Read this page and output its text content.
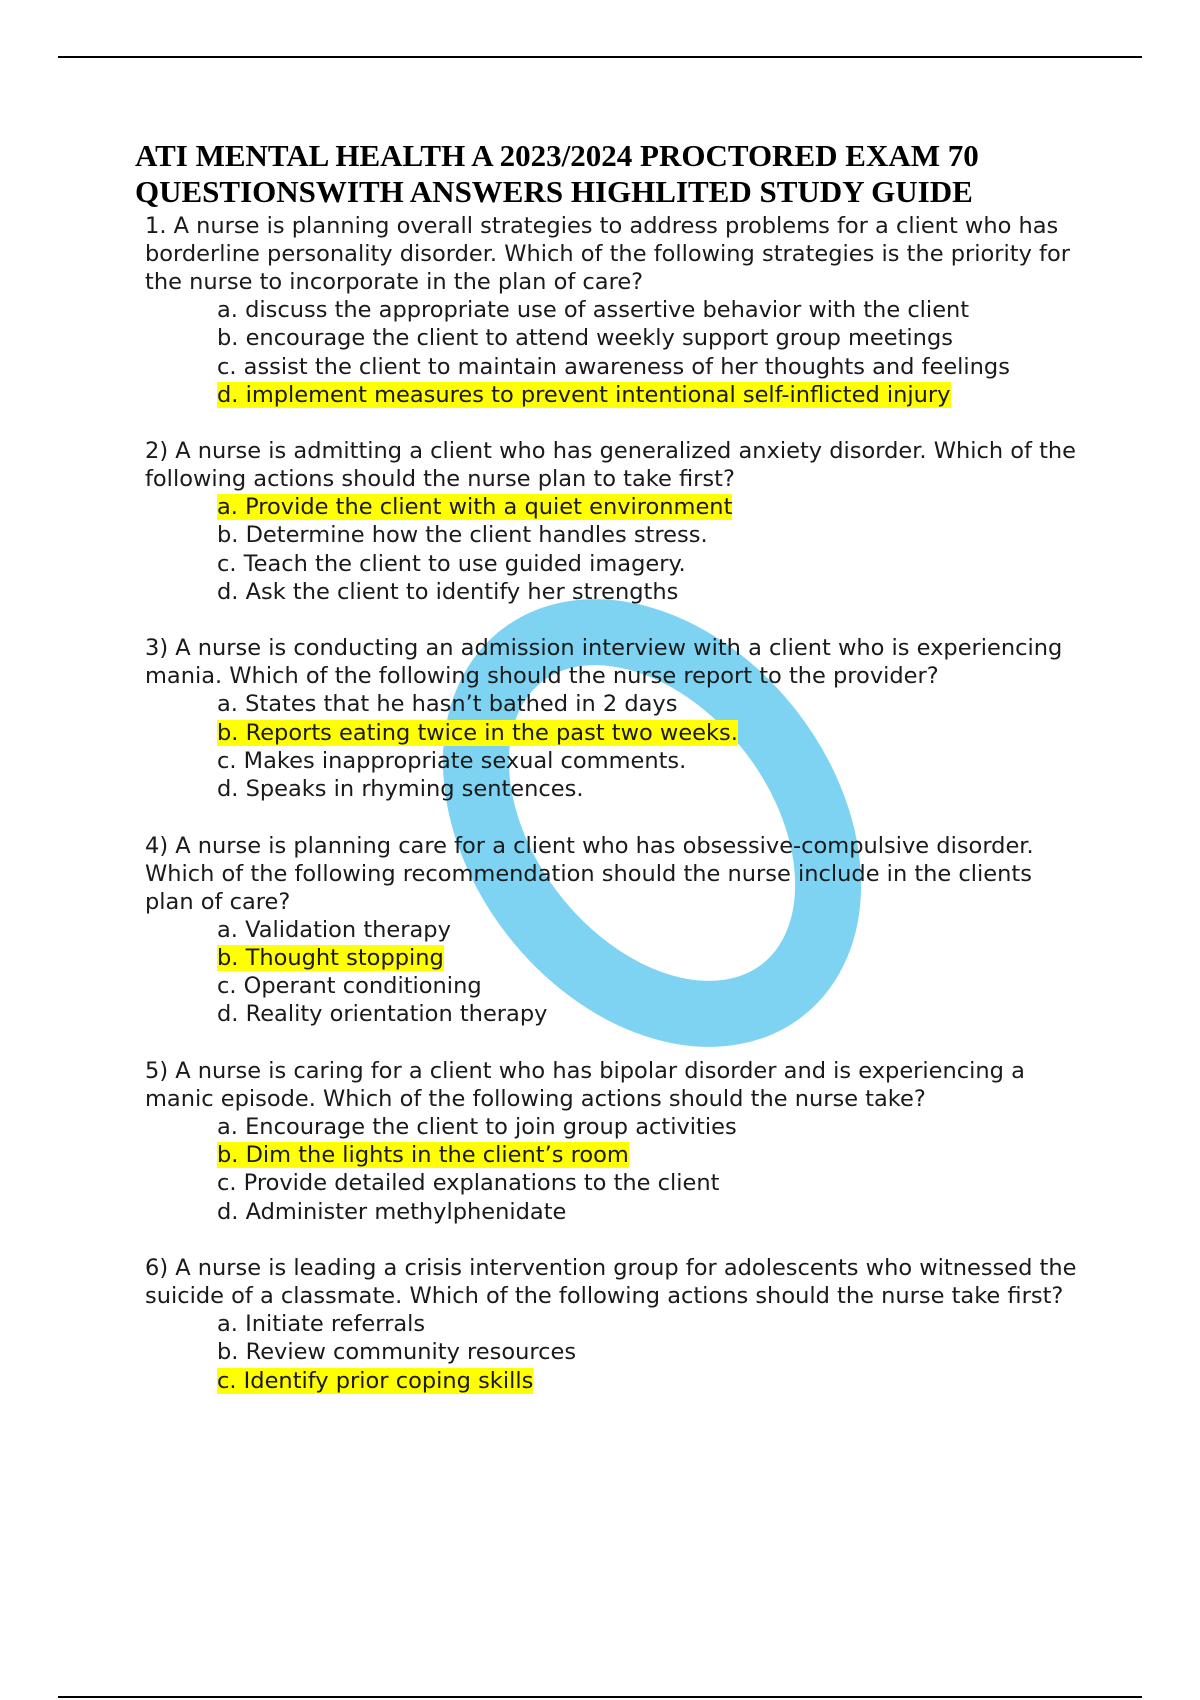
ATI MENTAL HEALTH A 2023/2024 PROCTORED EXAM 70
QUESTIONSWITH ANSWERS HIGHLITED STUDY GUIDE

1. A nurse is planning overall strategies to address problems for a client who has borderline personality disorder. Which of the following strategies is the priority for the nurse to incorporate in the plan of care?

a. discuss the appropriate use of assertive behavior with the client
b. encourage the client to attend weekly support group meetings
c. assist the client to maintain awareness of her thoughts and feelings
d. implement measures to prevent intentional self-inflicted injury

2) A nurse is admitting a client who has generalized anxiety disorder. Which of the following actions should the nurse plan to take first?

a. Provide the client with a quiet environment
b. Determine how the client handles stress.
c. Teach the client to use guided imagery.
d. Ask the client to identify her strengths

3) A nurse is conducting an admission interview with a client who is experiencing mania. Which of the following should the nurse report to the provider?

a. States that he hasn’t bathed in 2 days
b. Reports eating twice in the past two weeks.
c. Makes inappropriate sexual comments.
d. Speaks in rhyming sentences.

4) A nurse is planning care for a client who has obsessive-compulsive disorder. Which of the following recommendation should the nurse include in the clients plan of care?

a. Validation therapy
b. Thought stopping
c. Operant conditioning
d. Reality orientation therapy

5) A nurse is caring for a client who has bipolar disorder and is experiencing a manic episode. Which of the following actions should the nurse take?

a. Encourage the client to join group activities
b. Dim the lights in the client’s room
c. Provide detailed explanations to the client
d. Administer methylphenidate

6) A nurse is leading a crisis intervention group for adolescents who witnessed the suicide of a classmate. Which of the following actions should the nurse take first?

a. Initiate referrals
b. Review community resources
c. Identify prior coping skills
